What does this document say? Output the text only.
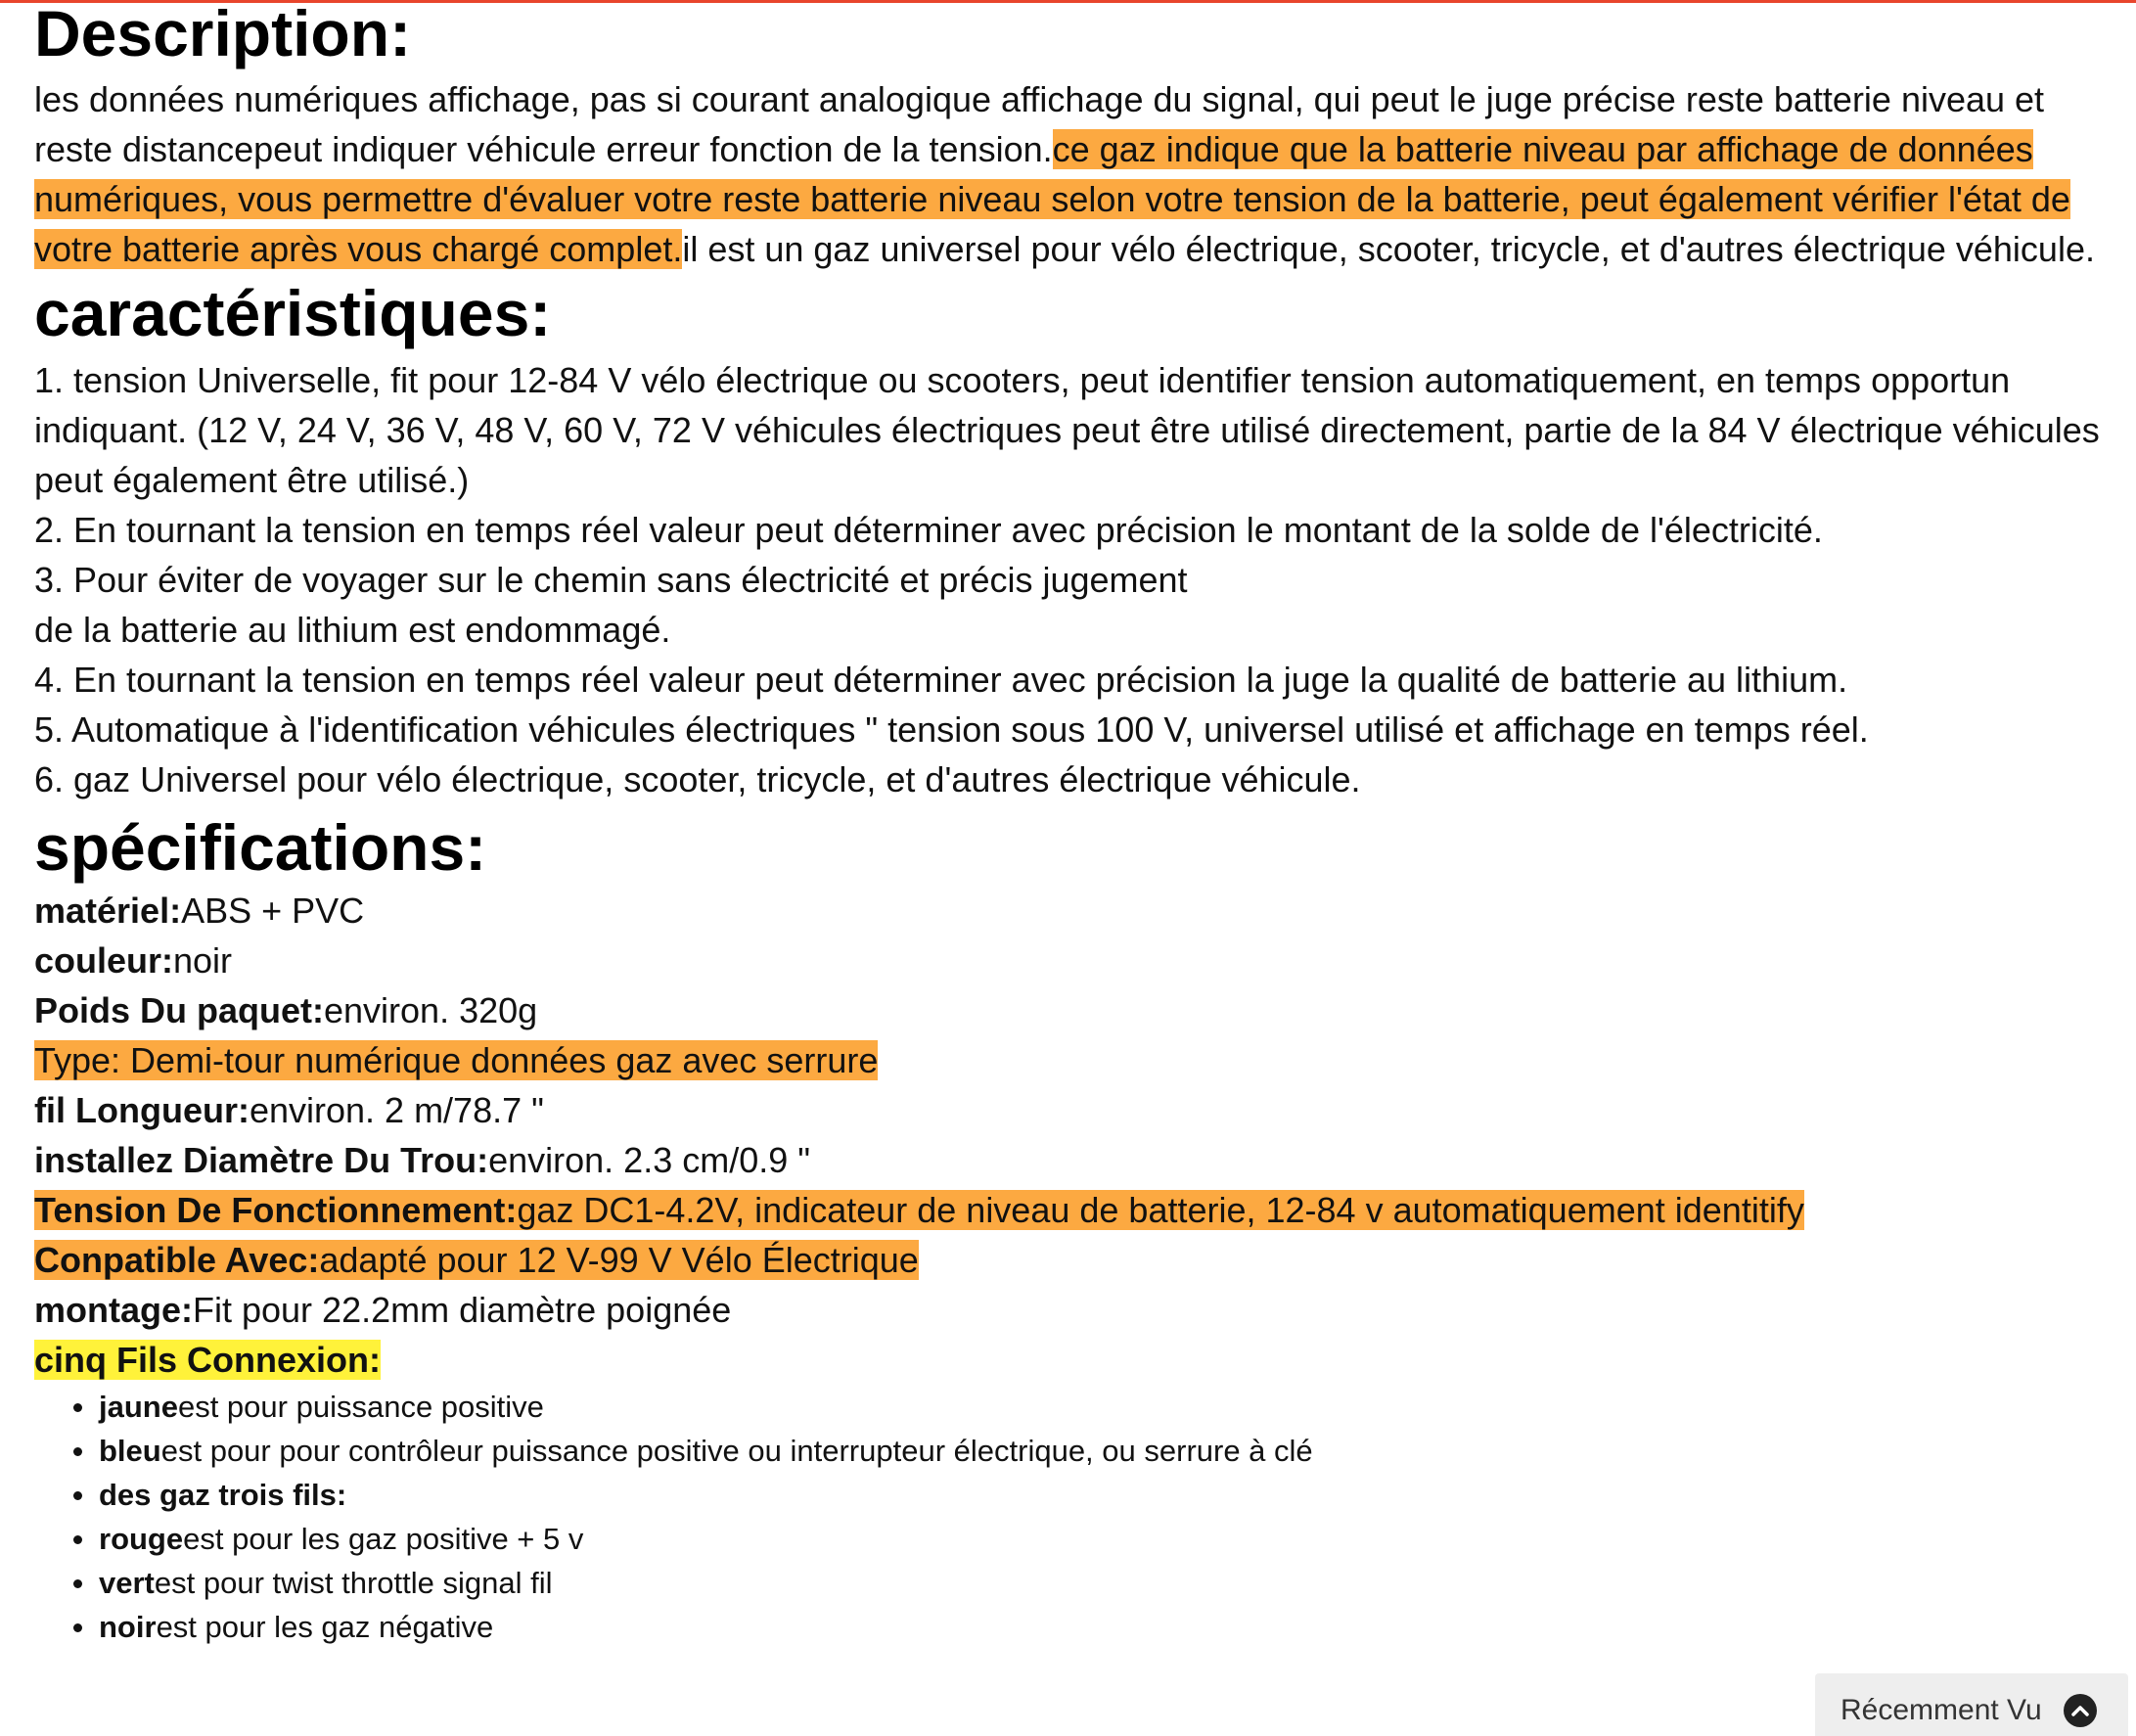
Description:

les données numériques affichage, pas si courant analogique affichage du signal, qui peut le juge précise reste batterie niveau et reste distancepeut indiquer véhicule erreur fonction de la tension.ce gaz indique que la batterie niveau par affichage de données numériques, vous permettre d'évaluer votre reste batterie niveau selon votre tension de la batterie, peut également vérifier l'état de votre batterie après vous chargé complet.il est un gaz universel pour vélo électrique, scooter, tricycle, et d'autres électrique véhicule.

caractéristiques:
1. tension Universelle, fit pour 12-84 V vélo électrique ou scooters, peut identifier tension automatiquement, en temps opportun indiquant. (12 V, 24 V, 36 V, 48 V, 60 V, 72 V véhicules électriques peut être utilisé directement, partie de la 84 V électrique véhicules peut également être utilisé.)
2. En tournant la tension en temps réel valeur peut déterminer avec précision le montant de la solde de l'électricité.
3. Pour éviter de voyager sur le chemin sans électricité et précis jugement
de la batterie au lithium est endommagé.
4. En tournant la tension en temps réel valeur peut déterminer avec précision la juge la qualité de batterie au lithium.
5. Automatique à l'identification véhicules électriques " tension sous 100 V, universel utilisé et affichage en temps réel.
6. gaz Universel pour vélo électrique, scooter, tricycle, et d'autres électrique véhicule.
spécifications:
matériel:ABS + PVC
couleur:noir
Poids Du paquet:environ. 320g
Type: Demi-tour numérique données gaz avec serrure
fil Longueur:environ. 2 m/78.7 "
installez Diamètre Du Trou:environ. 2.3 cm/0.9 "
Tension De Fonctionnement:gaz DC1-4.2V, indicateur de niveau de batterie, 12-84 v automatiquement identitify
Conpatible Avec:adapté pour 12 V-99 V Vélo Électrique
montage:Fit pour 22.2mm diamètre poignée
cinq Fils Connexion:
jauneest pour puissance positive
bleuest pour pour contrôleur puissance positive ou interrupteur électrique, ou serrure à clé
des gaz trois fils:
rougeest pour les gaz positive + 5 v
vertest pour twist throttle signal fil
noirest pour les gaz négative
Récemment Vu
